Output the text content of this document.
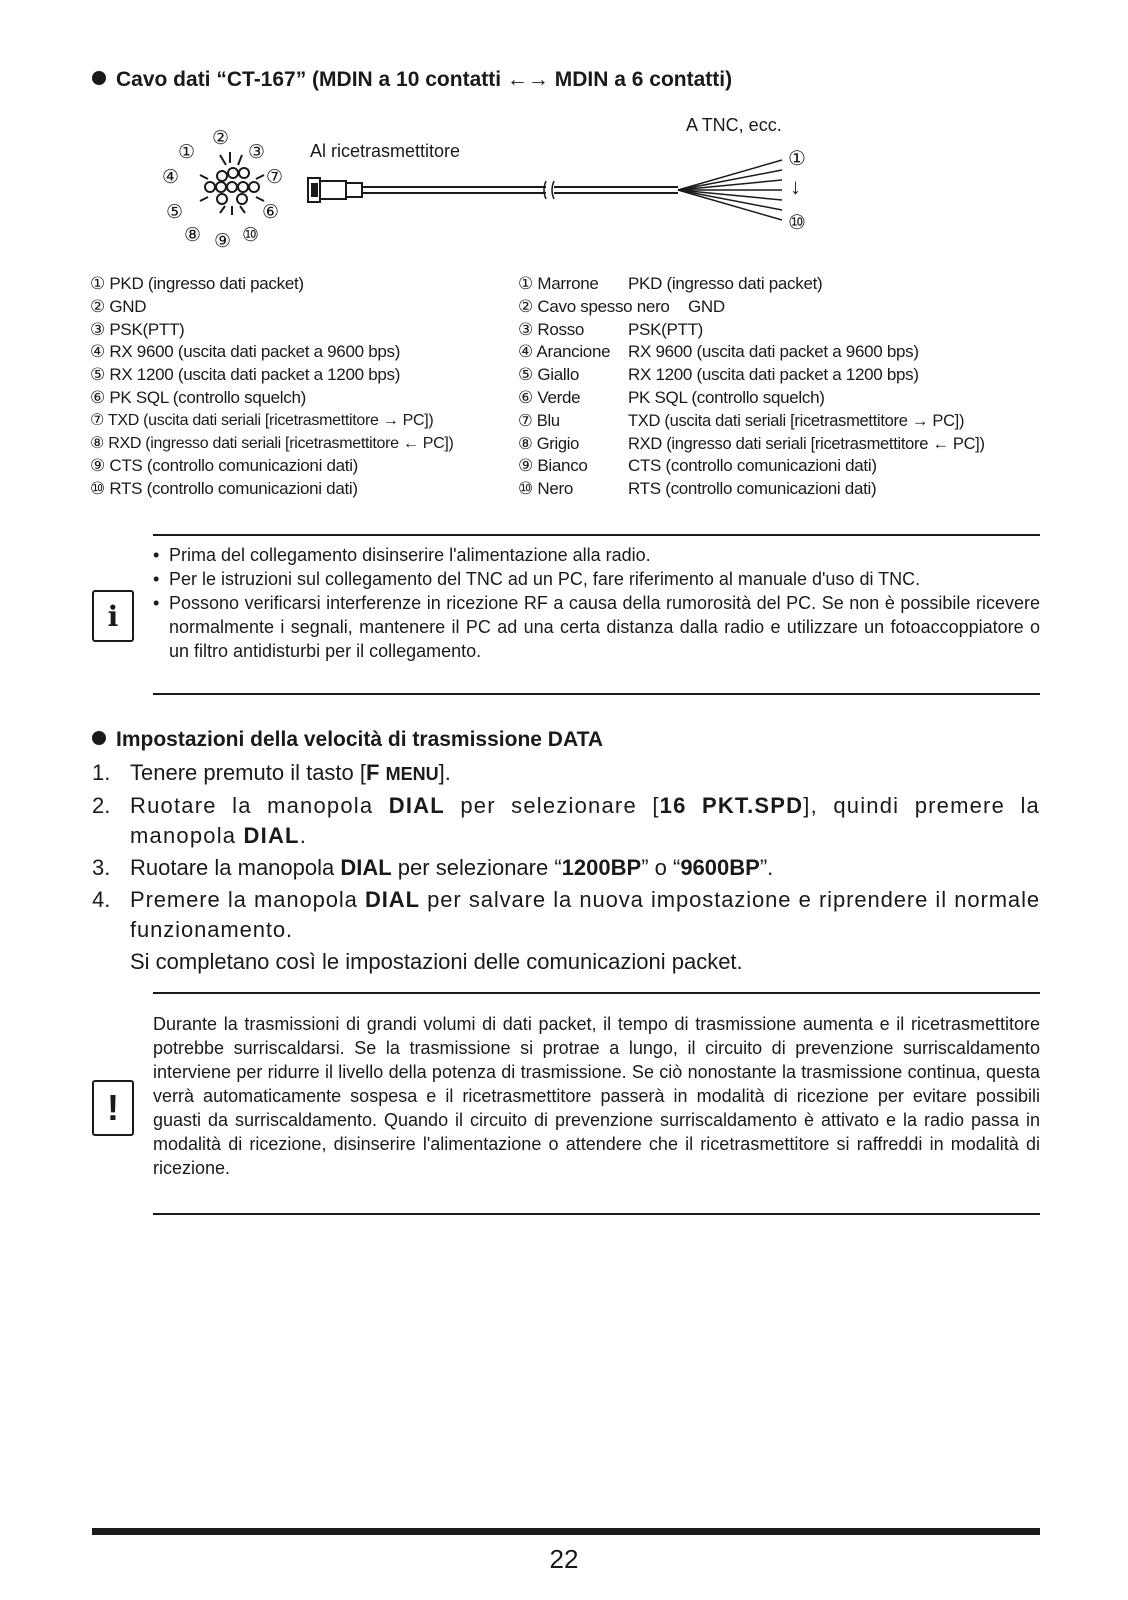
Cavo dati “CT-167” (MDIN a 10 contatti ←→ MDIN a 6 contatti)
②
①	③
④	⑦
⑤	⑥
⑧ ⑨ ⑩
Al ricetrasmettitore
A TNC, ecc.
①
↓
⑩
① PKD (ingresso dati packet)
② GND
③ PSK(PTT)
④ RX 9600 (uscita dati packet a 9600 bps)
⑤ RX 1200 (uscita dati packet a 1200 bps)
⑥ PK SQL (controllo squelch)
⑦ TXD (uscita dati seriali [ricetrasmettitore → PC])
⑧ RXD (ingresso dati seriali [ricetrasmettitore ← PC])
⑨ CTS (controllo comunicazioni dati)
⑩ RTS (controllo comunicazioni dati)
① Marrone PKD (ingresso dati packet)
② Cavo spesso nero GND
③ Rosso	PSK(PTT)
④ Arancione RX 9600 (uscita dati packet a 9600 bps)
⑤ Giallo	RX 1200 (uscita dati packet a 1200 bps)
⑥ Verde	PK SQL (controllo squelch)
⑦ Blu	TXD (uscita dati seriali [ricetrasmettitore → PC])
⑧ Grigio	RXD (ingresso dati seriali [ricetrasmettitore ← PC])
⑨ Bianco CTS (controllo comunicazioni dati)
⑩ Nero	RTS (controllo comunicazioni dati)
i
• Prima del collegamento disinserire l'alimentazione alla radio.
• Per le istruzioni sul collegamento del TNC ad un PC, fare riferimento al manuale d'uso di TNC.
• Possono verificarsi interferenze in ricezione RF a causa della rumorosità del PC. Se non è possibile ricevere normalmente i segnali, mantenere il PC ad una certa distanza dalla radio e utilizzare un fotoaccoppiatore o un filtro antidisturbi per il collegamento.
Impostazioni della velocità di trasmissione DATA
1. Tenere premuto il tasto [F MENU].
2. Ruotare la manopola DIAL per selezionare [16 PKT.SPD], quindi premere la manopola DIAL.
3. Ruotare la manopola DIAL per selezionare “1200BP” o “9600BP”.
4. Premere la manopola DIAL per salvare la nuova impostazione e riprendere il normale funzionamento.
Si completano così le impostazioni delle comunicazioni packet.
!
Durante la trasmissioni di grandi volumi di dati packet, il tempo di trasmissione aumenta e il ricetrasmettitore potrebbe surriscaldarsi. Se la trasmissione si protrae a lungo, il circuito di prevenzione surriscaldamento interviene per ridurre il livello della potenza di trasmissione. Se ciò nonostante la trasmissione continua, questa verrà automaticamente sospesa e il ricetrasmettitore passerà in modalità di ricezione per evitare possibili guasti da surriscaldamento. Quando il circuito di prevenzione surriscaldamento è attivato e la radio passa in modalità di ricezione, disinserire l'alimentazione o attendere che il ricetrasmettitore si raffreddi in modalità di ricezione.
22
